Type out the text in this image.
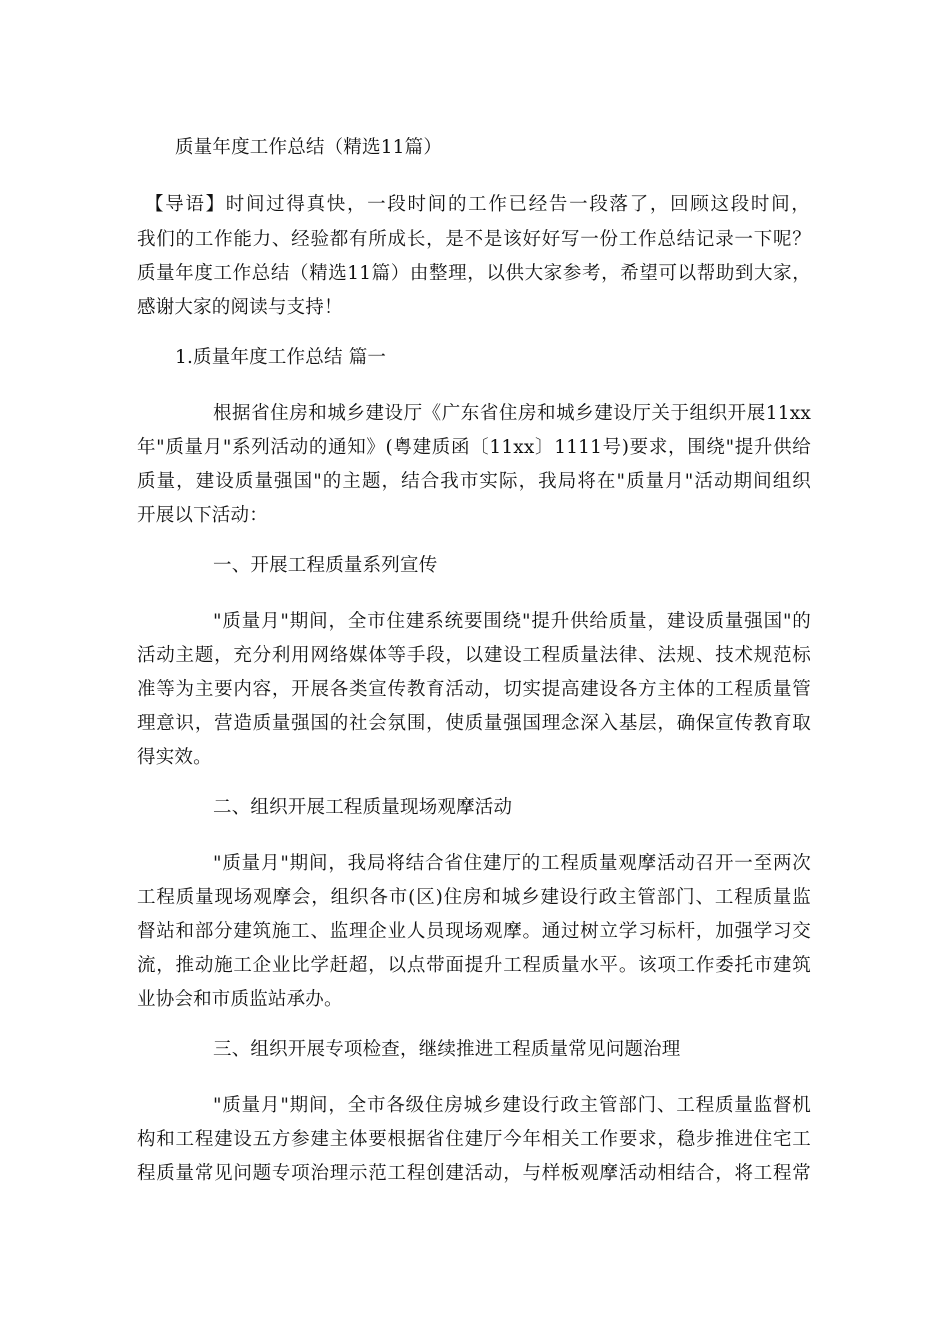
质量年度工作总结（精选11篇）
【导语】时间过得真快，一段时间的工作已经告一段落了，回顾这段时间，
我们的工作能力、经验都有所成长，是不是该好好写一份工作总结记录一下呢？
质量年度工作总结（精选11篇）由整理，以供大家参考，希望可以帮助到大家，
感谢大家的阅读与支持！
1.质量年度工作总结 篇一
根据省住房和城乡建设厅《广东省住房和城乡建设厅关于组织开展11xx
年"质量月"系列活动的通知》(粤建质函〔11xx〕1111号)要求，围绕"提升供给
质量，建设质量强国"的主题，结合我市实际，我局将在"质量月"活动期间组织
开展以下活动：
一、开展工程质量系列宣传
"质量月"期间，全市住建系统要围绕"提升供给质量，建设质量强国"的
活动主题，充分利用网络媒体等手段，以建设工程质量法律、法规、技术规范标
准等为主要内容，开展各类宣传教育活动，切实提高建设各方主体的工程质量管
理意识，营造质量强国的社会氛围，使质量强国理念深入基层，确保宣传教育取
得实效。
二、组织开展工程质量现场观摩活动
"质量月"期间，我局将结合省住建厅的工程质量观摩活动召开一至两次
工程质量现场观摩会，组织各市(区)住房和城乡建设行政主管部门、工程质量监
督站和部分建筑施工、监理企业人员现场观摩。通过树立学习标杆，加强学习交
流，推动施工企业比学赶超，以点带面提升工程质量水平。该项工作委托市建筑
业协会和市质监站承办。
三、组织开展专项检查，继续推进工程质量常见问题治理
"质量月"期间，全市各级住房城乡建设行政主管部门、工程质量监督机
构和工程建设五方参建主体要根据省住建厅今年相关工作要求，稳步推进住宅工
程质量常见问题专项治理示范工程创建活动，与样板观摩活动相结合，将工程常
